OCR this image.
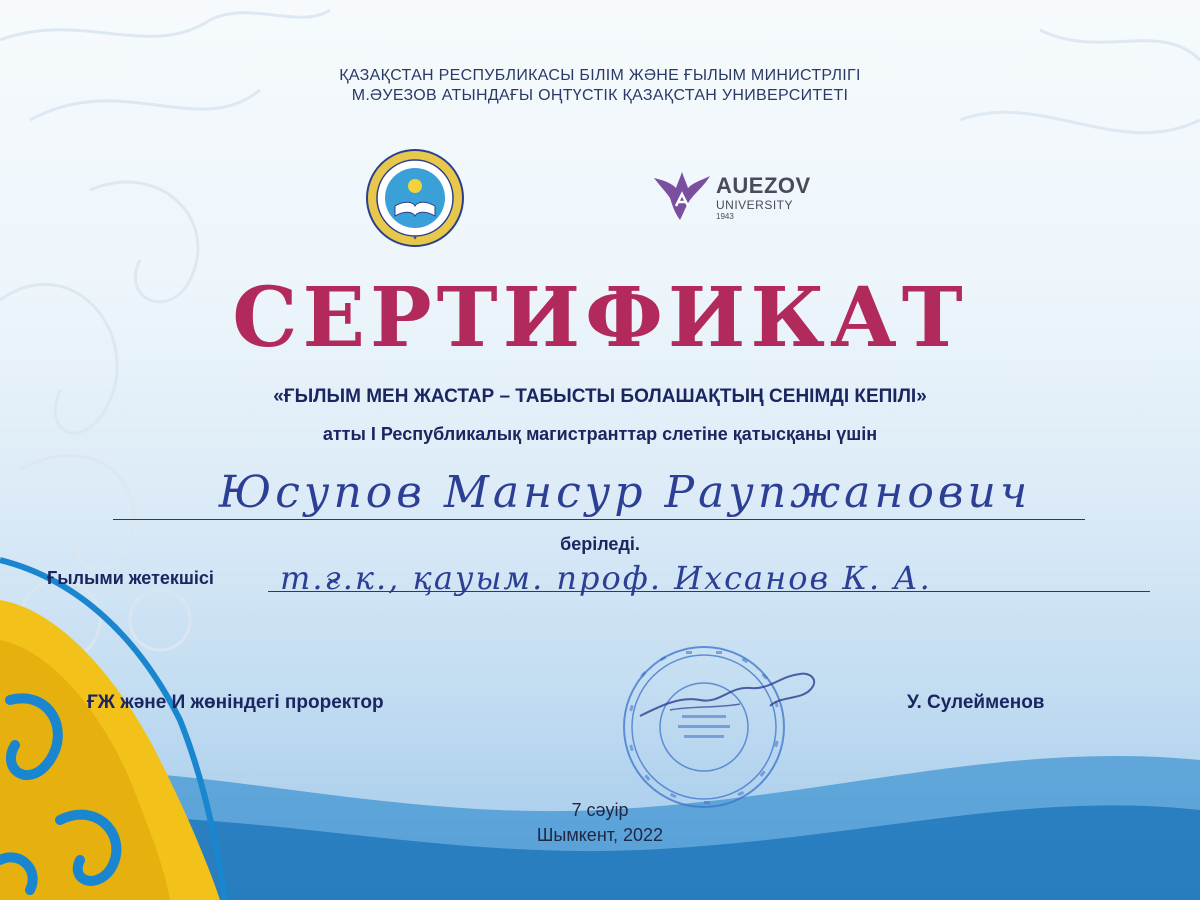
ҚАЗАҚСТАН РЕСПУБЛИКАСЫ БІЛІМ ЖӘНЕ ҒЫЛЫМ МИНИСТРЛІГІ
М.ӘУЕЗОВ АТЫНДАҒЫ ОҢТҮСТІК ҚАЗАҚСТАН УНИВЕРСИТЕТІ
✦
AUEZOV
UNIVERSITY
1943
СЕРТИФИКАТ
«ҒЫЛЫМ МЕН ЖАСТАР – ТАБЫСТЫ БОЛАШАҚТЫҢ СЕНІМДІ КЕПІЛІ»
атты І Республикалық магистранттар слетіне қатысқаны үшін
Юсупов Мансур Раупжанович
беріледі.
Ғылыми жетекшісі т.ғ.к., қауым. проф. Ихсанов К. А.
ҒЖ және И жөніндегі проректор	У. Сулейменов
7 сәуір
Шымкент, 2022
